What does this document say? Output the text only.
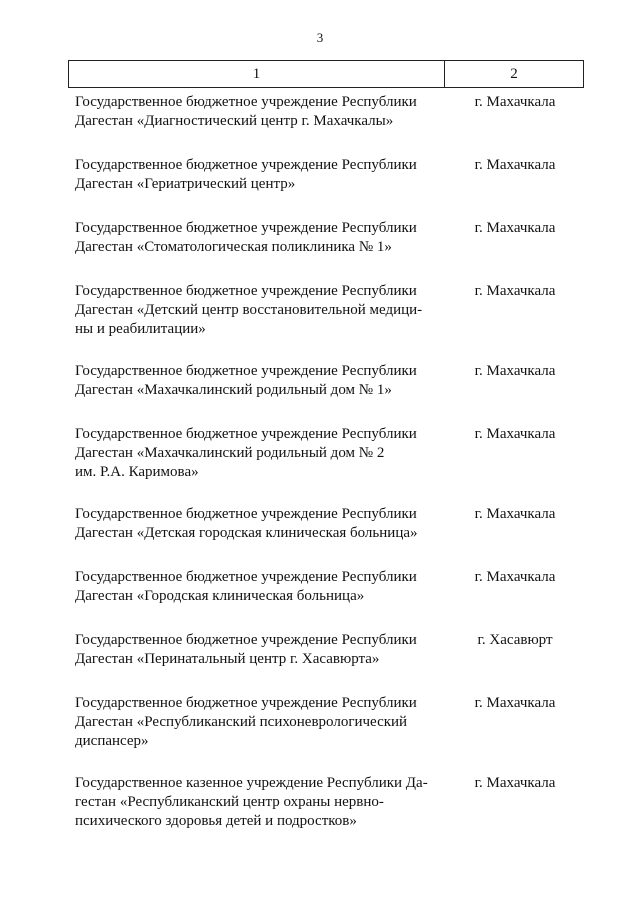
3
1	2
Государственное бюджетное учреждение Республики
Дагестан «Диагностический центр г. Махачкалы»
г. Махачкала
Государственное бюджетное учреждение Республики
Дагестан «Гериатрический центр»
г. Махачкала
Государственное бюджетное учреждение Республики
Дагестан «Стоматологическая поликлиника № 1»
г. Махачкала
Государственное бюджетное учреждение Республики
Дагестан «Детский центр восстановительной медици-
ны и реабилитации»
г. Махачкала
Государственное бюджетное учреждение Республики
Дагестан «Махачкалинский родильный дом № 1»
г. Махачкала
Государственное бюджетное учреждение Республики
Дагестан «Махачкалинский родильный дом № 2
им. Р.А. Каримова»
г. Махачкала
Государственное бюджетное учреждение Республики
Дагестан «Детская городская клиническая больница»
г. Махачкала
Государственное бюджетное учреждение Республики
Дагестан «Городская клиническая больница»
г. Махачкала
Государственное бюджетное учреждение Республики
Дагестан «Перинатальный центр г. Хасавюрта»
г. Хасавюрт
Государственное бюджетное учреждение Республики
Дагестан «Республиканский психоневрологический
диспансер»
г. Махачкала
Государственное казенное учреждение Республики Да-
гестан «Республиканский центр охраны нервно-
психического здоровья детей и подростков»
г. Махачкала
